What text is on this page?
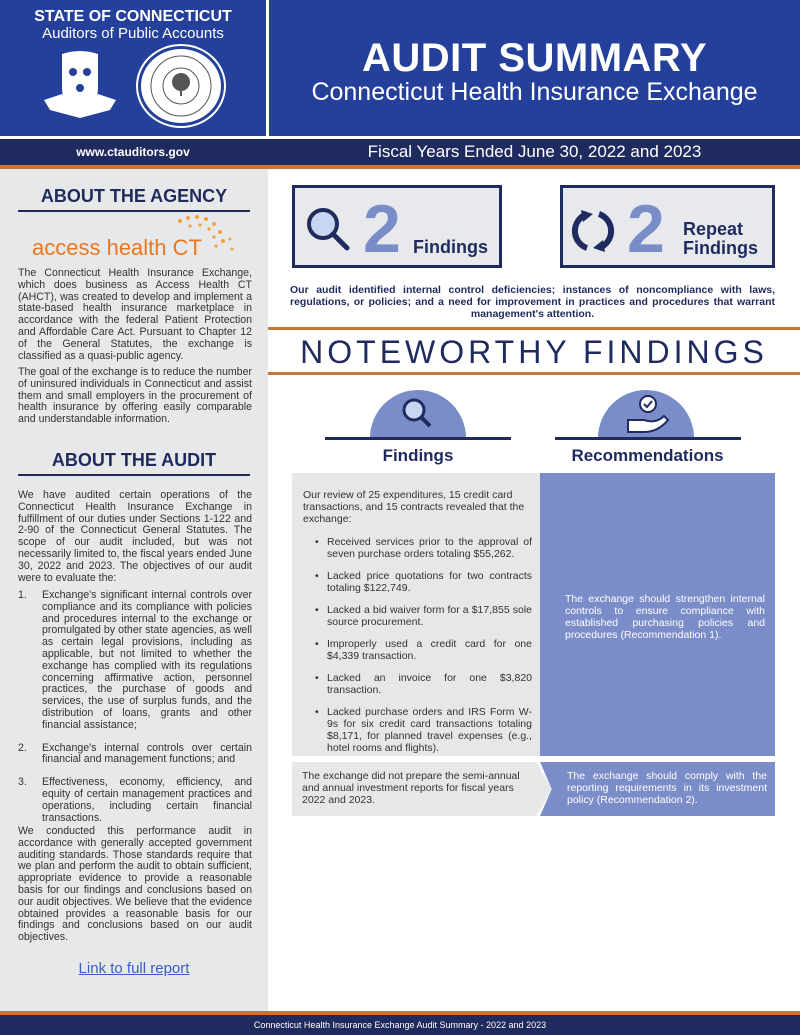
STATE OF CONNECTICUT
Auditors of Public Accounts
AUDIT SUMMARY
Connecticut Health Insurance Exchange
www.ctauditors.gov	Fiscal Years Ended June 30, 2022 and 2023
ABOUT THE AGENCY
access health CT
The Connecticut Health Insurance Exchange, which does business as Access Health CT (AHCT), was created to develop and implement a state-based health insurance marketplace in accordance with the federal Patient Protection and Affordable Care Act. Pursuant to Chapter 12 of the General Statutes, the exchange is classified as a quasi-public agency.
The goal of the exchange is to reduce the number of uninsured individuals in Connecticut and assist them and small employers in the procurement of health insurance by offering easily comparable and understandable information.
ABOUT THE AUDIT
We have audited certain operations of the Connecticut Health Insurance Exchange in fulfillment of our duties under Sections 1-122 and 2-90 of the Connecticut General Statutes. The scope of our audit included, but was not necessarily limited to, the fiscal years ended June 30, 2022 and 2023. The objectives of our audit were to evaluate the:
1. Exchange's significant internal controls over compliance and its compliance with policies and procedures internal to the exchange or promulgated by other state agencies, as well as certain legal provisions, including as applicable, but not limited to whether the exchange has complied with its regulations concerning affirmative action, personnel practices, the purchase of goods and services, the use of surplus funds, and the distribution of loans, grants and other financial assistance;
2. Exchange's internal controls over certain financial and management functions; and
3. Effectiveness, economy, efficiency, and equity of certain management practices and operations, including certain financial transactions.
We conducted this performance audit in accordance with generally accepted government auditing standards. Those standards require that we plan and perform the audit to obtain sufficient, appropriate evidence to provide a reasonable basis for our findings and conclusions based on our audit objectives. We believe that the evidence obtained provides a reasonable basis for our findings and conclusions based on our audit objectives.
Link to full report
2 Findings 2 Repeat
Findings
Our audit identified internal control deficiencies; instances of noncompliance with laws, regulations, or policies; and a need for improvement in practices and procedures that warrant management's attention.
NOTEWORTHY FINDINGS
Findings	Recommendations
Our review of 25 expenditures, 15 credit card transactions, and 15 contracts revealed that the exchange:
• Received services prior to the approval of seven purchase orders totaling $55,262.
• Lacked price quotations for two contracts totaling $122,749.
• Lacked a bid waiver form for a $17,855 sole source procurement.
• Improperly used a credit card for one $4,339 transaction.
• Lacked an invoice for one $3,820 transaction.
• Lacked purchase orders and IRS Form W-9s for six credit card transactions totaling $8,171, for planned travel expenses (e.g., hotel rooms and flights).
The exchange should strengthen internal controls to ensure compliance with established purchasing policies and procedures (Recommendation 1).
The exchange did not prepare the semi-annual and annual investment reports for fiscal years 2022 and 2023.
The exchange should comply with the reporting requirements in its investment policy (Recommendation 2).
Connecticut Health Insurance Exchange Audit Summary - 2022 and 2023
